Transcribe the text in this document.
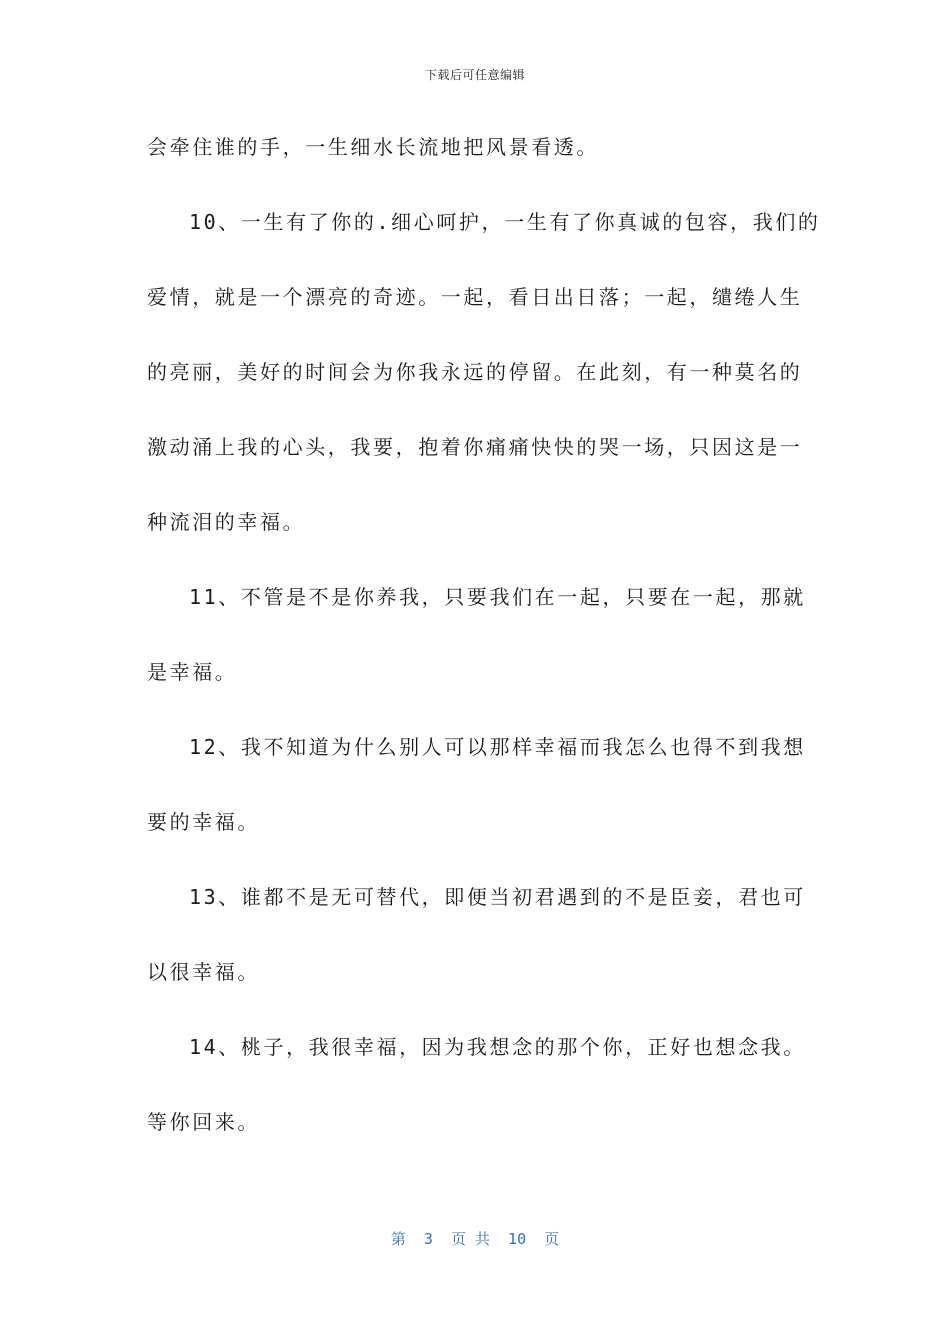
下载后可任意编辑
会牵住谁的手，一生细水长流地把风景看透。
10、一生有了你的.细心呵护，一生有了你真诚的包容，我们的
爱情，就是一个漂亮的奇迹。一起，看日出日落；一起，缱绻人生
的亮丽，美好的时间会为你我永远的停留。在此刻，有一种莫名的
激动涌上我的心头，我要，抱着你痛痛快快的哭一场，只因这是一
种流泪的幸福。
11、不管是不是你养我，只要我们在一起，只要在一起，那就
是幸福。
12、我不知道为什么别人可以那样幸福而我怎么也得不到我想
要的幸福。
13、谁都不是无可替代，即便当初君遇到的不是臣妾，君也可
以很幸福。
14、桃子，我很幸福，因为我想念的那个你，正好也想念我。
等你回来。
第  3  页 共  10  页
